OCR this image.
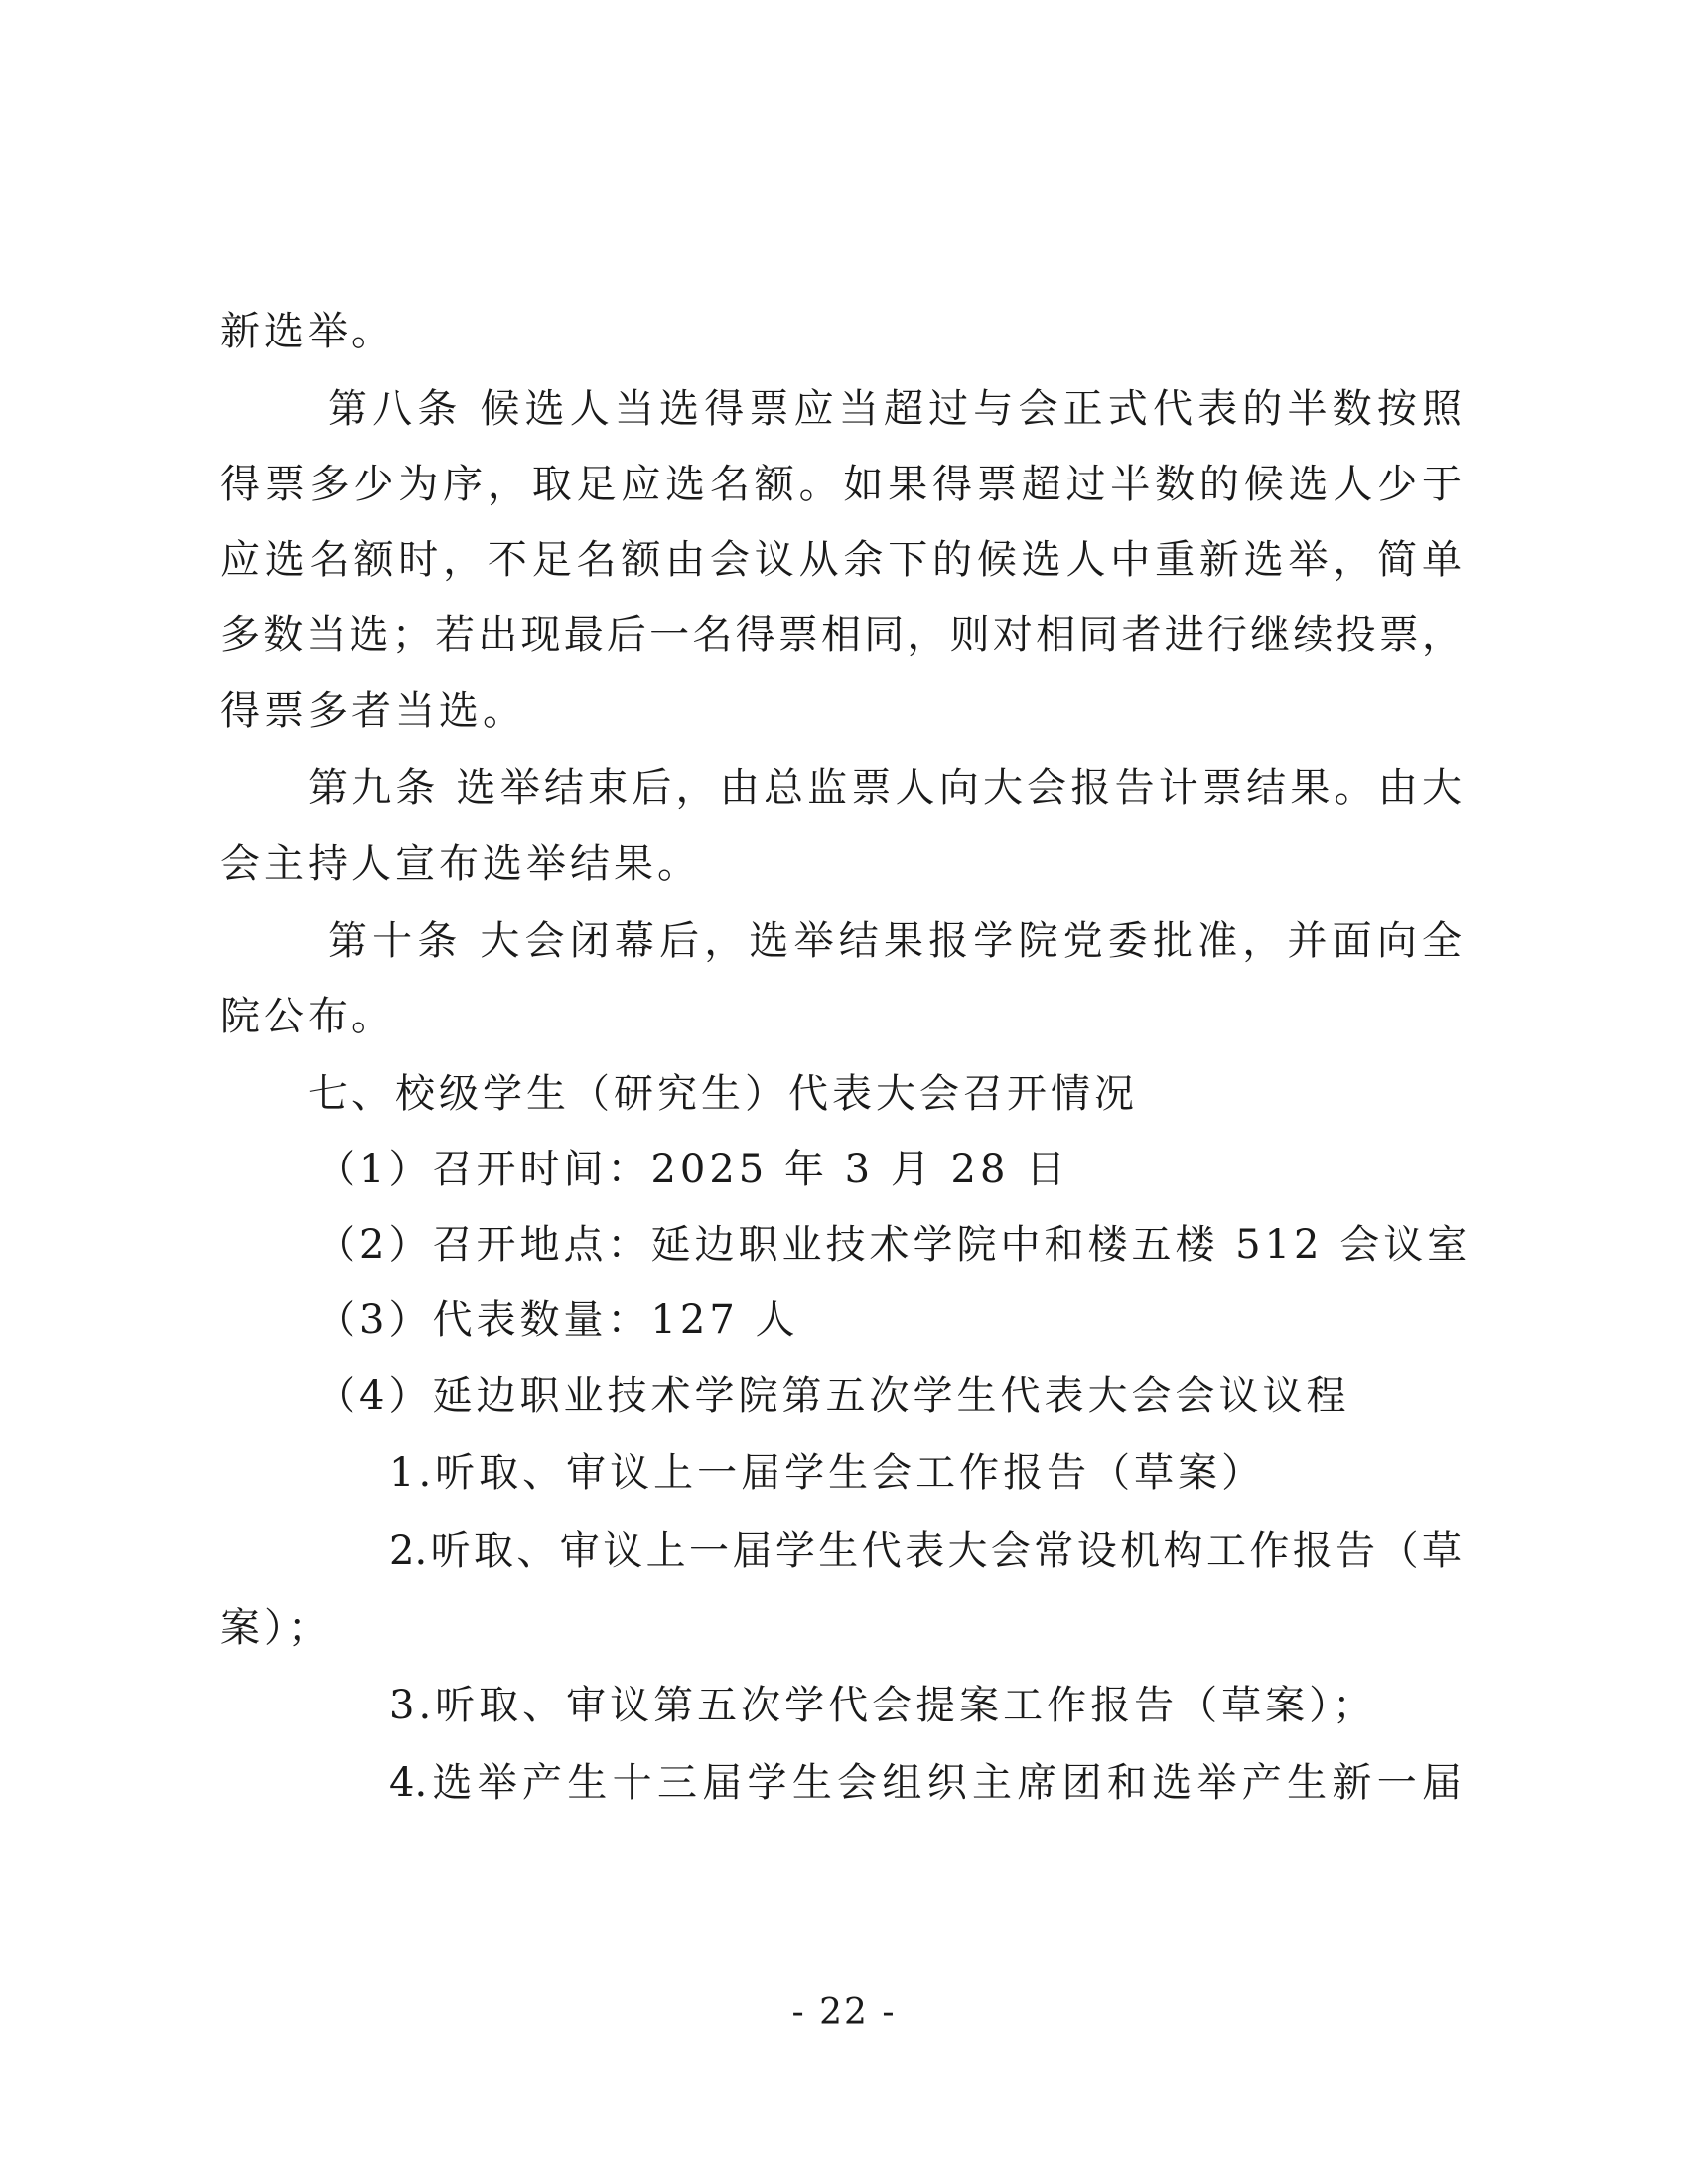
新选举。
第八条 候选人当选得票应当超过与会正式代表的半数按照
得票多少为序，取足应选名额。如果得票超过半数的候选人少于
应选名额时，不足名额由会议从余下的候选人中重新选举，简单
多数当选；若出现最后一名得票相同，则对相同者进行继续投票，
得票多者当选。
第九条 选举结束后，由总监票人向大会报告计票结果。由大
会主持人宣布选举结果。
第十条 大会闭幕后，选举结果报学院党委批准，并面向全
院公布。
七、校级学生（研究生）代表大会召开情况
（1）召开时间：2025 年 3 月 28 日
（2）召开地点：延边职业技术学院中和楼五楼 512 会议室
（3）代表数量：127 人
（4）延边职业技术学院第五次学生代表大会会议议程
1.听取、审议上一届学生会工作报告（草案）
2.听取、审议上一届学生代表大会常设机构工作报告（草
案）；
3.听取、审议第五次学代会提案工作报告（草案）；
4.选举产生十三届学生会组织主席团和选举产生新一届
- 22 -
